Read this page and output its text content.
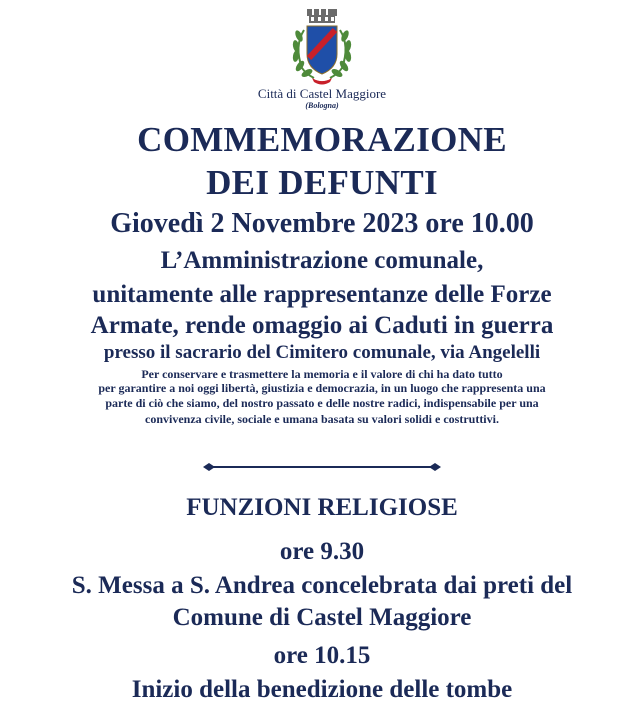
Città di Castel Maggiore
(Bologna)
COMMEMORAZIONE
DEI DEFUNTI
Giovedì 2 Novembre 2023 ore 10.00
L’Amministrazione comunale,
unitamente alle rappresentanze delle Forze
Armate, rende omaggio ai Caduti in guerra
presso il sacrario del Cimitero comunale, via Angelelli
Per conservare e trasmettere la memoria e il valore di chi ha dato tutto
per garantire a noi oggi libertà, giustizia e democrazia, in un luogo che rappresenta una
parte di ciò che siamo, del nostro passato e delle nostre radici, indispensabile per una
convivenza civile, sociale e umana basata su valori solidi e costruttivi.
FUNZIONI RELIGIOSE
ore 9.30
S. Messa a S. Andrea concelebrata dai preti del
Comune di Castel Maggiore
ore 10.15
Inizio della benedizione delle tombe
